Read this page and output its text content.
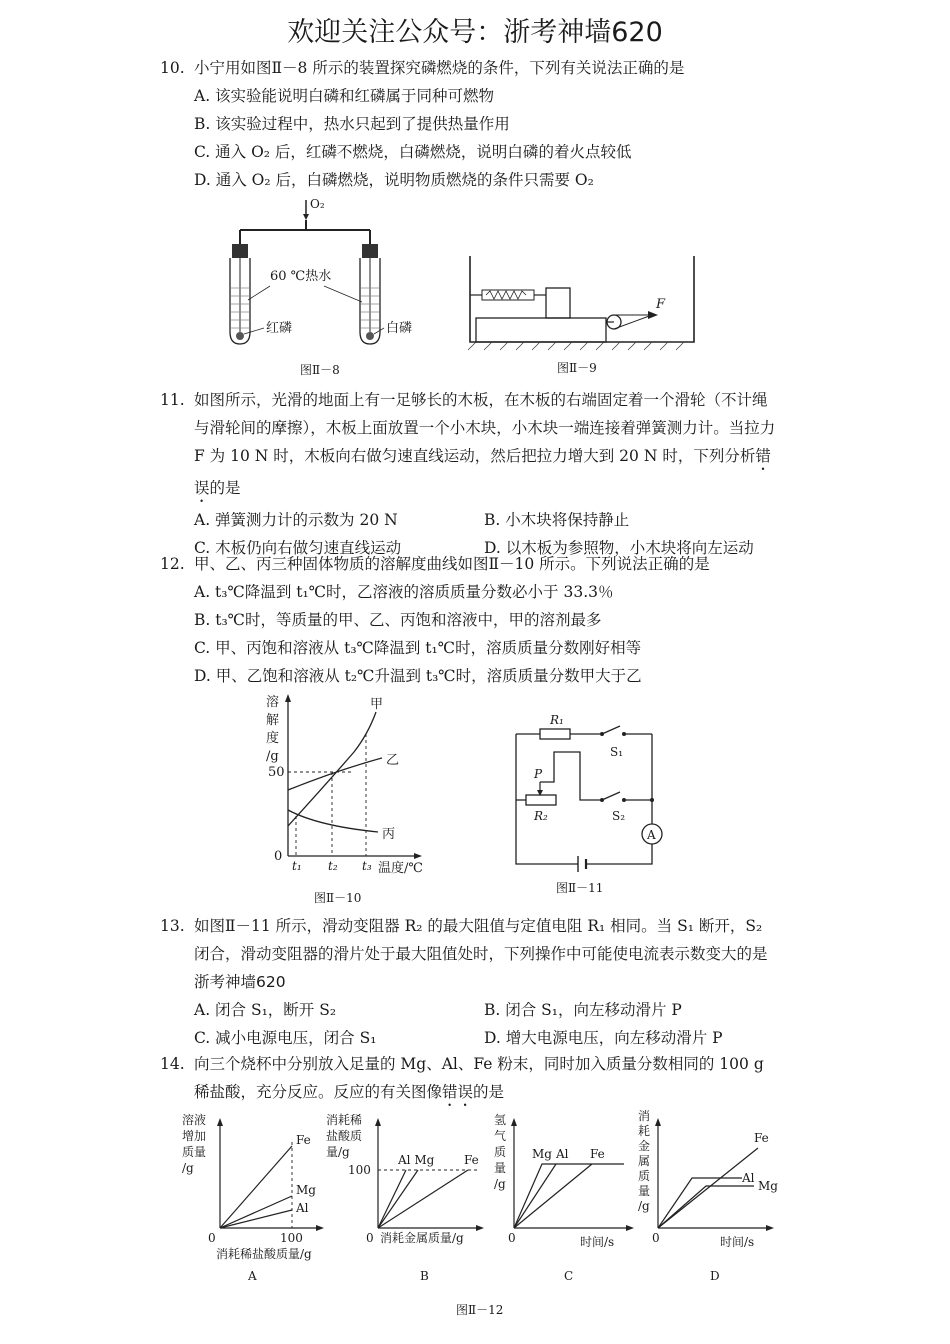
欢迎关注公众号：浙考神墙620
10. 小宁用如图Ⅱ－8 所示的装置探究磷燃烧的条件，下列有关说法正确的是
A. 该实验能说明白磷和红磷属于同种可燃物
B. 该实验过程中，热水只起到了提供热量作用
C. 通入 O₂ 后，红磷不燃烧，白磷燃烧，说明白磷的着火点较低
D. 通入 O₂ 后，白磷燃烧，说明物质燃烧的条件只需要 O₂
O₂
60 ℃热水
红磷	白磷
图Ⅱ－8
F
图Ⅱ－9
11. 如图所示，光滑的地面上有一足够长的木板，在木板的右端固定着一个滑轮（不计绳与滑轮间的摩擦），木板上面放置一个小木块，小木块一端连接着弹簧测力计。当拉力 F 为 10 N 时，木板向右做匀速直线运动，然后把拉力增大到 20 N 时，下列分析错误的是
A. 弹簧测力计的示数为 20 N	B. 小木块将保持静止
C. 木板仍向右做匀速直线运动	D. 以木板为参照物，小木块将向左运动
12. 甲、乙、丙三种固体物质的溶解度曲线如图Ⅱ－10 所示。下列说法正确的是
A. t₃℃降温到 t₁℃时，乙溶液的溶质质量分数必小于 33.3％
B. t₃℃时，等质量的甲、乙、丙饱和溶液中，甲的溶剂最多
C. 甲、丙饱和溶液从 t₃℃降温到 t₁℃时，溶质质量分数刚好相等
D. 甲、乙饱和溶液从 t₂℃升温到 t₃℃时，溶质质量分数甲大于乙
溶
解
度
/g
0
50
甲
乙
丙
t₁ t₂ t₃ 温度/℃
图Ⅱ－10
A
R₁
S₁
P
R₂	S₂
图Ⅱ－11
13. 如图Ⅱ－11 所示，滑动变阻器 R₂ 的最大阻值与定值电阻 R₁ 相同。当 S₁ 断开，S₂ 闭合，滑动变阻器的滑片处于最大阻值处时，下列操作中可能使电流表示数变大的是　浙考神墙620
A. 闭合 S₁，断开 S₂	B. 闭合 S₁，向左移动滑片 P
C. 减小电源电压，闭合 S₁	D. 增大电源电压，向左移动滑片 P
14. 向三个烧杯中分别放入足量的 Mg、Al、Fe 粉末，同时加入质量分数相同的 100 g 稀盐酸，充分反应。反应的有关图像错误的是
溶液
增加
质量
/g
Fe
Mg
Al
0	100
消耗稀盐酸质量/g
A
消耗稀
盐酸质
量/g
100
Al Mg Fe
0 消耗金属质量/g
B
氢
气
质
量
/g
Mg Al Fe
0	时间/s
C
消
耗
金
属
质
量
/g
Fe
Al
Mg
0	时间/s
D
图Ⅱ－12
